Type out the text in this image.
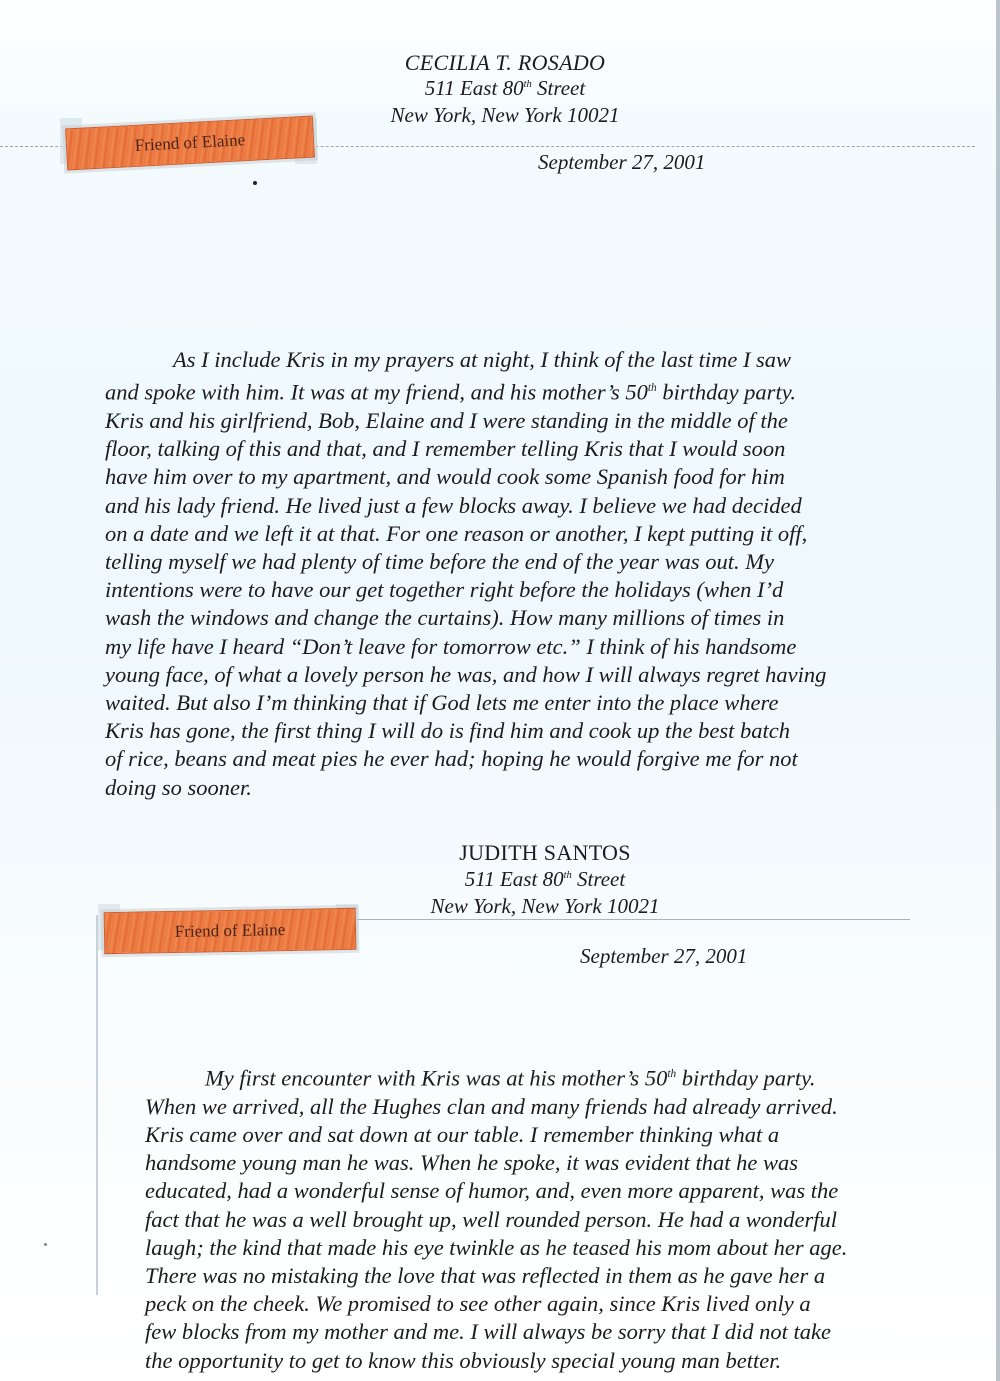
CECILIA T. ROSADO
511 East 80th Street
New York, New York 10021
Friend of Elaine
September 27, 2001
As I include Kris in my prayers at night, I think of the last time I saw
and spoke with him. It was at my friend, and his mother’s 50th birthday party.
Kris and his girlfriend, Bob, Elaine and I were standing in the middle of the
floor, talking of this and that, and I remember telling Kris that I would soon
have him over to my apartment, and would cook some Spanish food for him
and his lady friend. He lived just a few blocks away. I believe we had decided
on a date and we left it at that. For one reason or another, I kept putting it off,
telling myself we had plenty of time before the end of the year was out. My
intentions were to have our get together right before the holidays (when I’d
wash the windows and change the curtains). How many millions of times in
my life have I heard “Don’t leave for tomorrow etc.” I think of his handsome
young face, of what a lovely person he was, and how I will always regret having
waited. But also I’m thinking that if God lets me enter into the place where
Kris has gone, the first thing I will do is find him and cook up the best batch
of rice, beans and meat pies he ever had; hoping he would forgive me for not
doing so sooner.
JUDITH SANTOS
511 East 80th Street
New York, New York 10021
Friend of Elaine
September 27, 2001
My first encounter with Kris was at his mother’s 50th birthday party.
When we arrived, all the Hughes clan and many friends had already arrived.
Kris came over and sat down at our table. I remember thinking what a
handsome young man he was. When he spoke, it was evident that he was
educated, had a wonderful sense of humor, and, even more apparent, was the
fact that he was a well brought up, well rounded person. He had a wonderful
laugh; the kind that made his eye twinkle as he teased his mom about her age.
There was no mistaking the love that was reflected in them as he gave her a
peck on the cheek. We promised to see other again, since Kris lived only a
few blocks from my mother and me. I will always be sorry that I did not take
the opportunity to get to know this obviously special young man better.
